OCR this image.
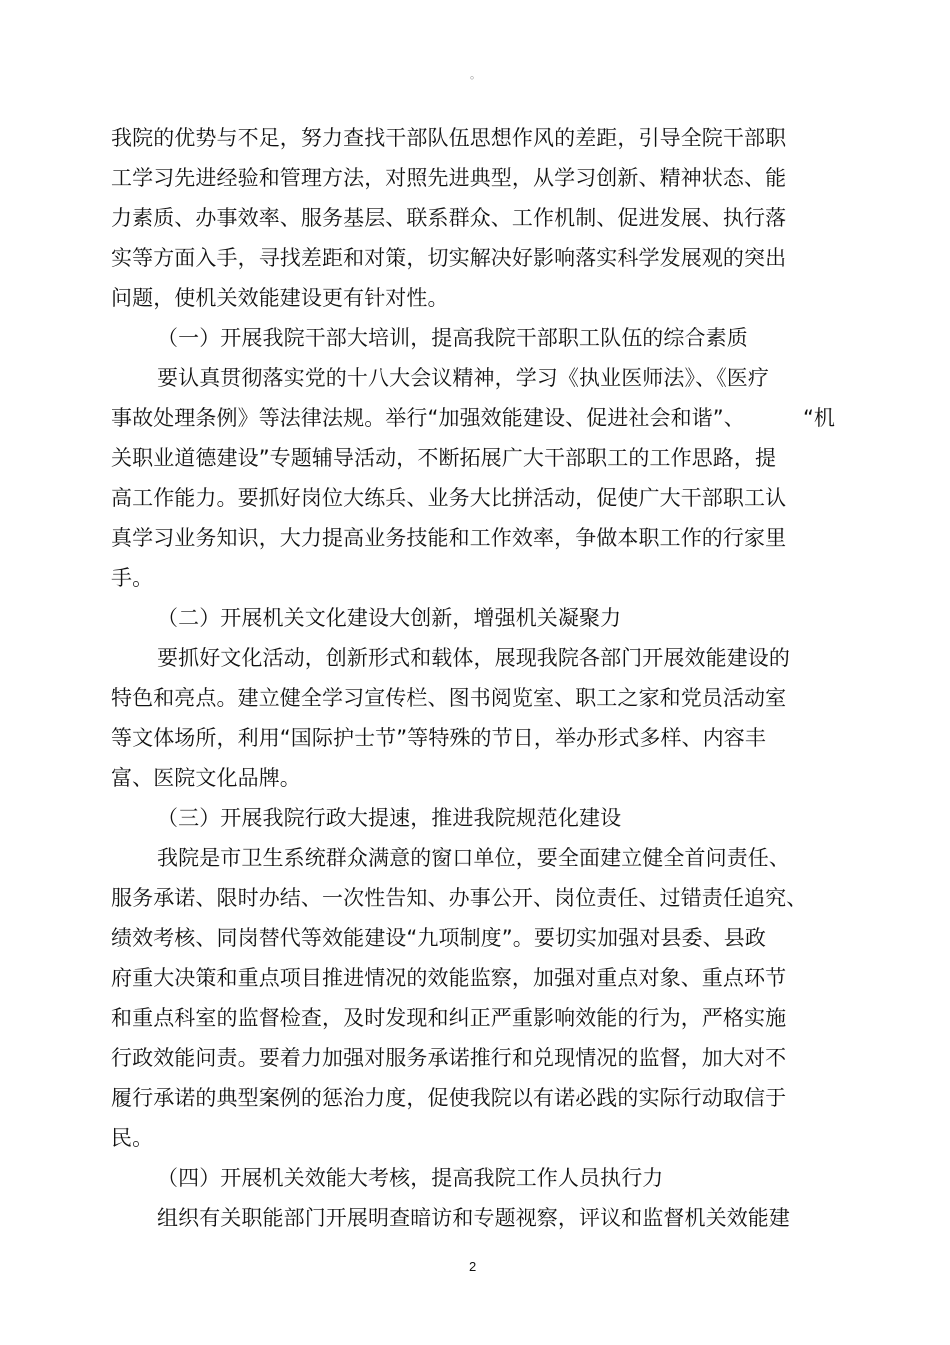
。
我院的优势与不足，努力查找干部队伍思想作风的差距，引导全院干部职
工学习先进经验和管理方法，对照先进典型，从学习创新、精神状态、能
力素质、办事效率、服务基层、联系群众、工作机制、促进发展、执行落
实等方面入手，寻找差距和对策，切实解决好影响落实科学发展观的突出
问题，使机关效能建设更有针对性。
（一）开展我院干部大培训，提高我院干部职工队伍的综合素质
要认真贯彻落实党的十八大会议精神，学习《执业医师法》、《医疗
事故处理条例》等法律法规。举行“加强效能建设、促进社会和谐”、	“机
关职业道德建设”专题辅导活动，不断拓展广大干部职工的工作思路，提
高工作能力。要抓好岗位大练兵、业务大比拼活动，促使广大干部职工认
真学习业务知识，大力提高业务技能和工作效率，争做本职工作的行家里
手。
（二）开展机关文化建设大创新，增强机关凝聚力
要抓好文化活动，创新形式和载体，展现我院各部门开展效能建设的
特色和亮点。建立健全学习宣传栏、图书阅览室、职工之家和党员活动室
等文体场所，利用“国际护士节”等特殊的节日，举办形式多样、内容丰
富、医院文化品牌。
（三）开展我院行政大提速，推进我院规范化建设
我院是市卫生系统群众满意的窗口单位，要全面建立健全首问责任、
服务承诺、限时办结、一次性告知、办事公开、岗位责任、过错责任追究、
绩效考核、同岗替代等效能建设“九项制度”。要切实加强对县委、县政
府重大决策和重点项目推进情况的效能监察，加强对重点对象、重点环节
和重点科室的监督检查，及时发现和纠正严重影响效能的行为，严格实施
行政效能问责。要着力加强对服务承诺推行和兑现情况的监督，加大对不
履行承诺的典型案例的惩治力度，促使我院以有诺必践的实际行动取信于
民。
（四）开展机关效能大考核，提高我院工作人员执行力
组织有关职能部门开展明查暗访和专题视察，评议和监督机关效能建
2
